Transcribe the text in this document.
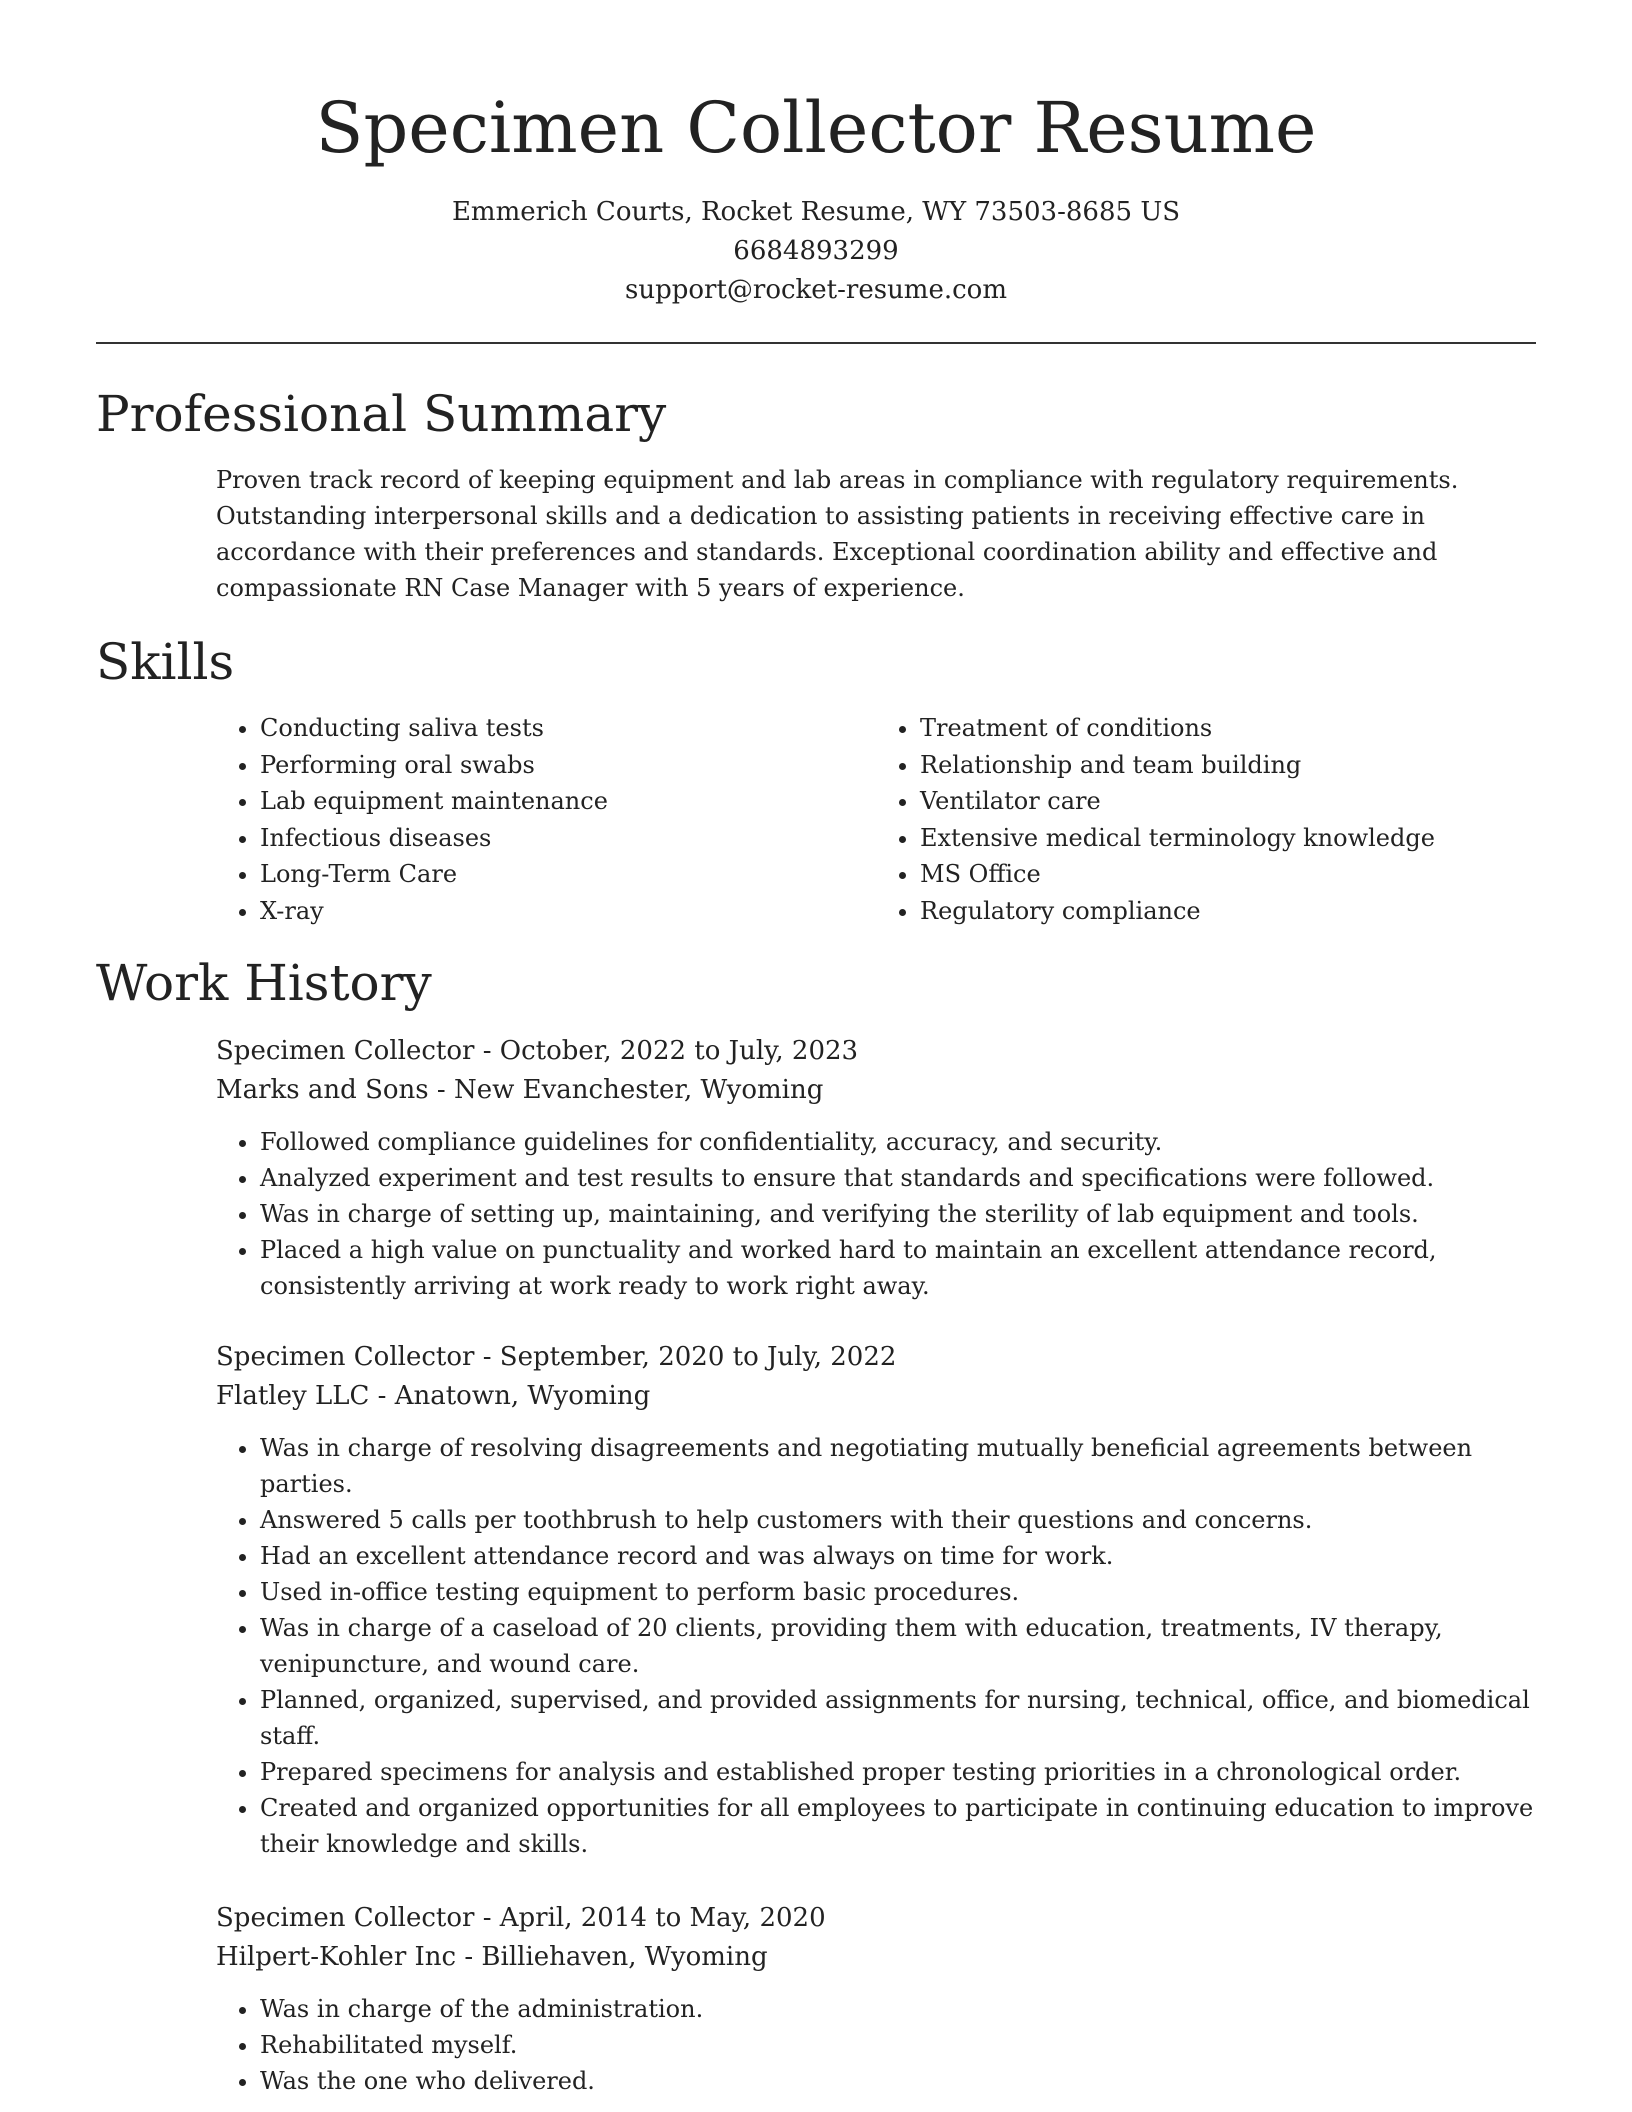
Specimen Collector Resume
Emmerich Courts, Rocket Resume, WY 73503-8685 US
6684893299
support@rocket-resume.com
Professional Summary

Proven track record of keeping equipment and lab areas in compliance with regulatory requirements. Outstanding interpersonal skills and a dedication to assisting patients in receiving effective care in accordance with their preferences and standards. Exceptional coordination ability and effective and compassionate RN Case Manager with 5 years of experience.

Skills
• Conducting saliva tests
• Performing oral swabs
• Lab equipment maintenance
• Infectious diseases
• Long-Term Care
• X-ray
• Treatment of conditions
• Relationship and team building
• Ventilator care
• Extensive medical terminology knowledge
• MS Office
• Regulatory compliance
Work History

Specimen Collector - October, 2022 to July, 2023

Marks and Sons - New Evanchester, Wyoming

• Followed compliance guidelines for confidentiality, accuracy, and security.
• Analyzed experiment and test results to ensure that standards and specifications were followed.
• Was in charge of setting up, maintaining, and verifying the sterility of lab equipment and tools.
• Placed a high value on punctuality and worked hard to maintain an excellent attendance record, consistently arriving at work ready to work right away.

Specimen Collector - September, 2020 to July, 2022

Flatley LLC - Anatown, Wyoming

• Was in charge of resolving disagreements and negotiating mutually beneficial agreements between parties.
• Answered 5 calls per toothbrush to help customers with their questions and concerns.
• Had an excellent attendance record and was always on time for work.
• Used in-office testing equipment to perform basic procedures.
• Was in charge of a caseload of 20 clients, providing them with education, treatments, IV therapy, venipuncture, and wound care.
• Planned, organized, supervised, and provided assignments for nursing, technical, office, and biomedical staff.
• Prepared specimens for analysis and established proper testing priorities in a chronological order.
• Created and organized opportunities for all employees to participate in continuing education to improve their knowledge and skills.

Specimen Collector - April, 2014 to May, 2020

Hilpert-Kohler Inc - Billiehaven, Wyoming

• Was in charge of the administration.
• Rehabilitated myself.
• Was the one who delivered.
